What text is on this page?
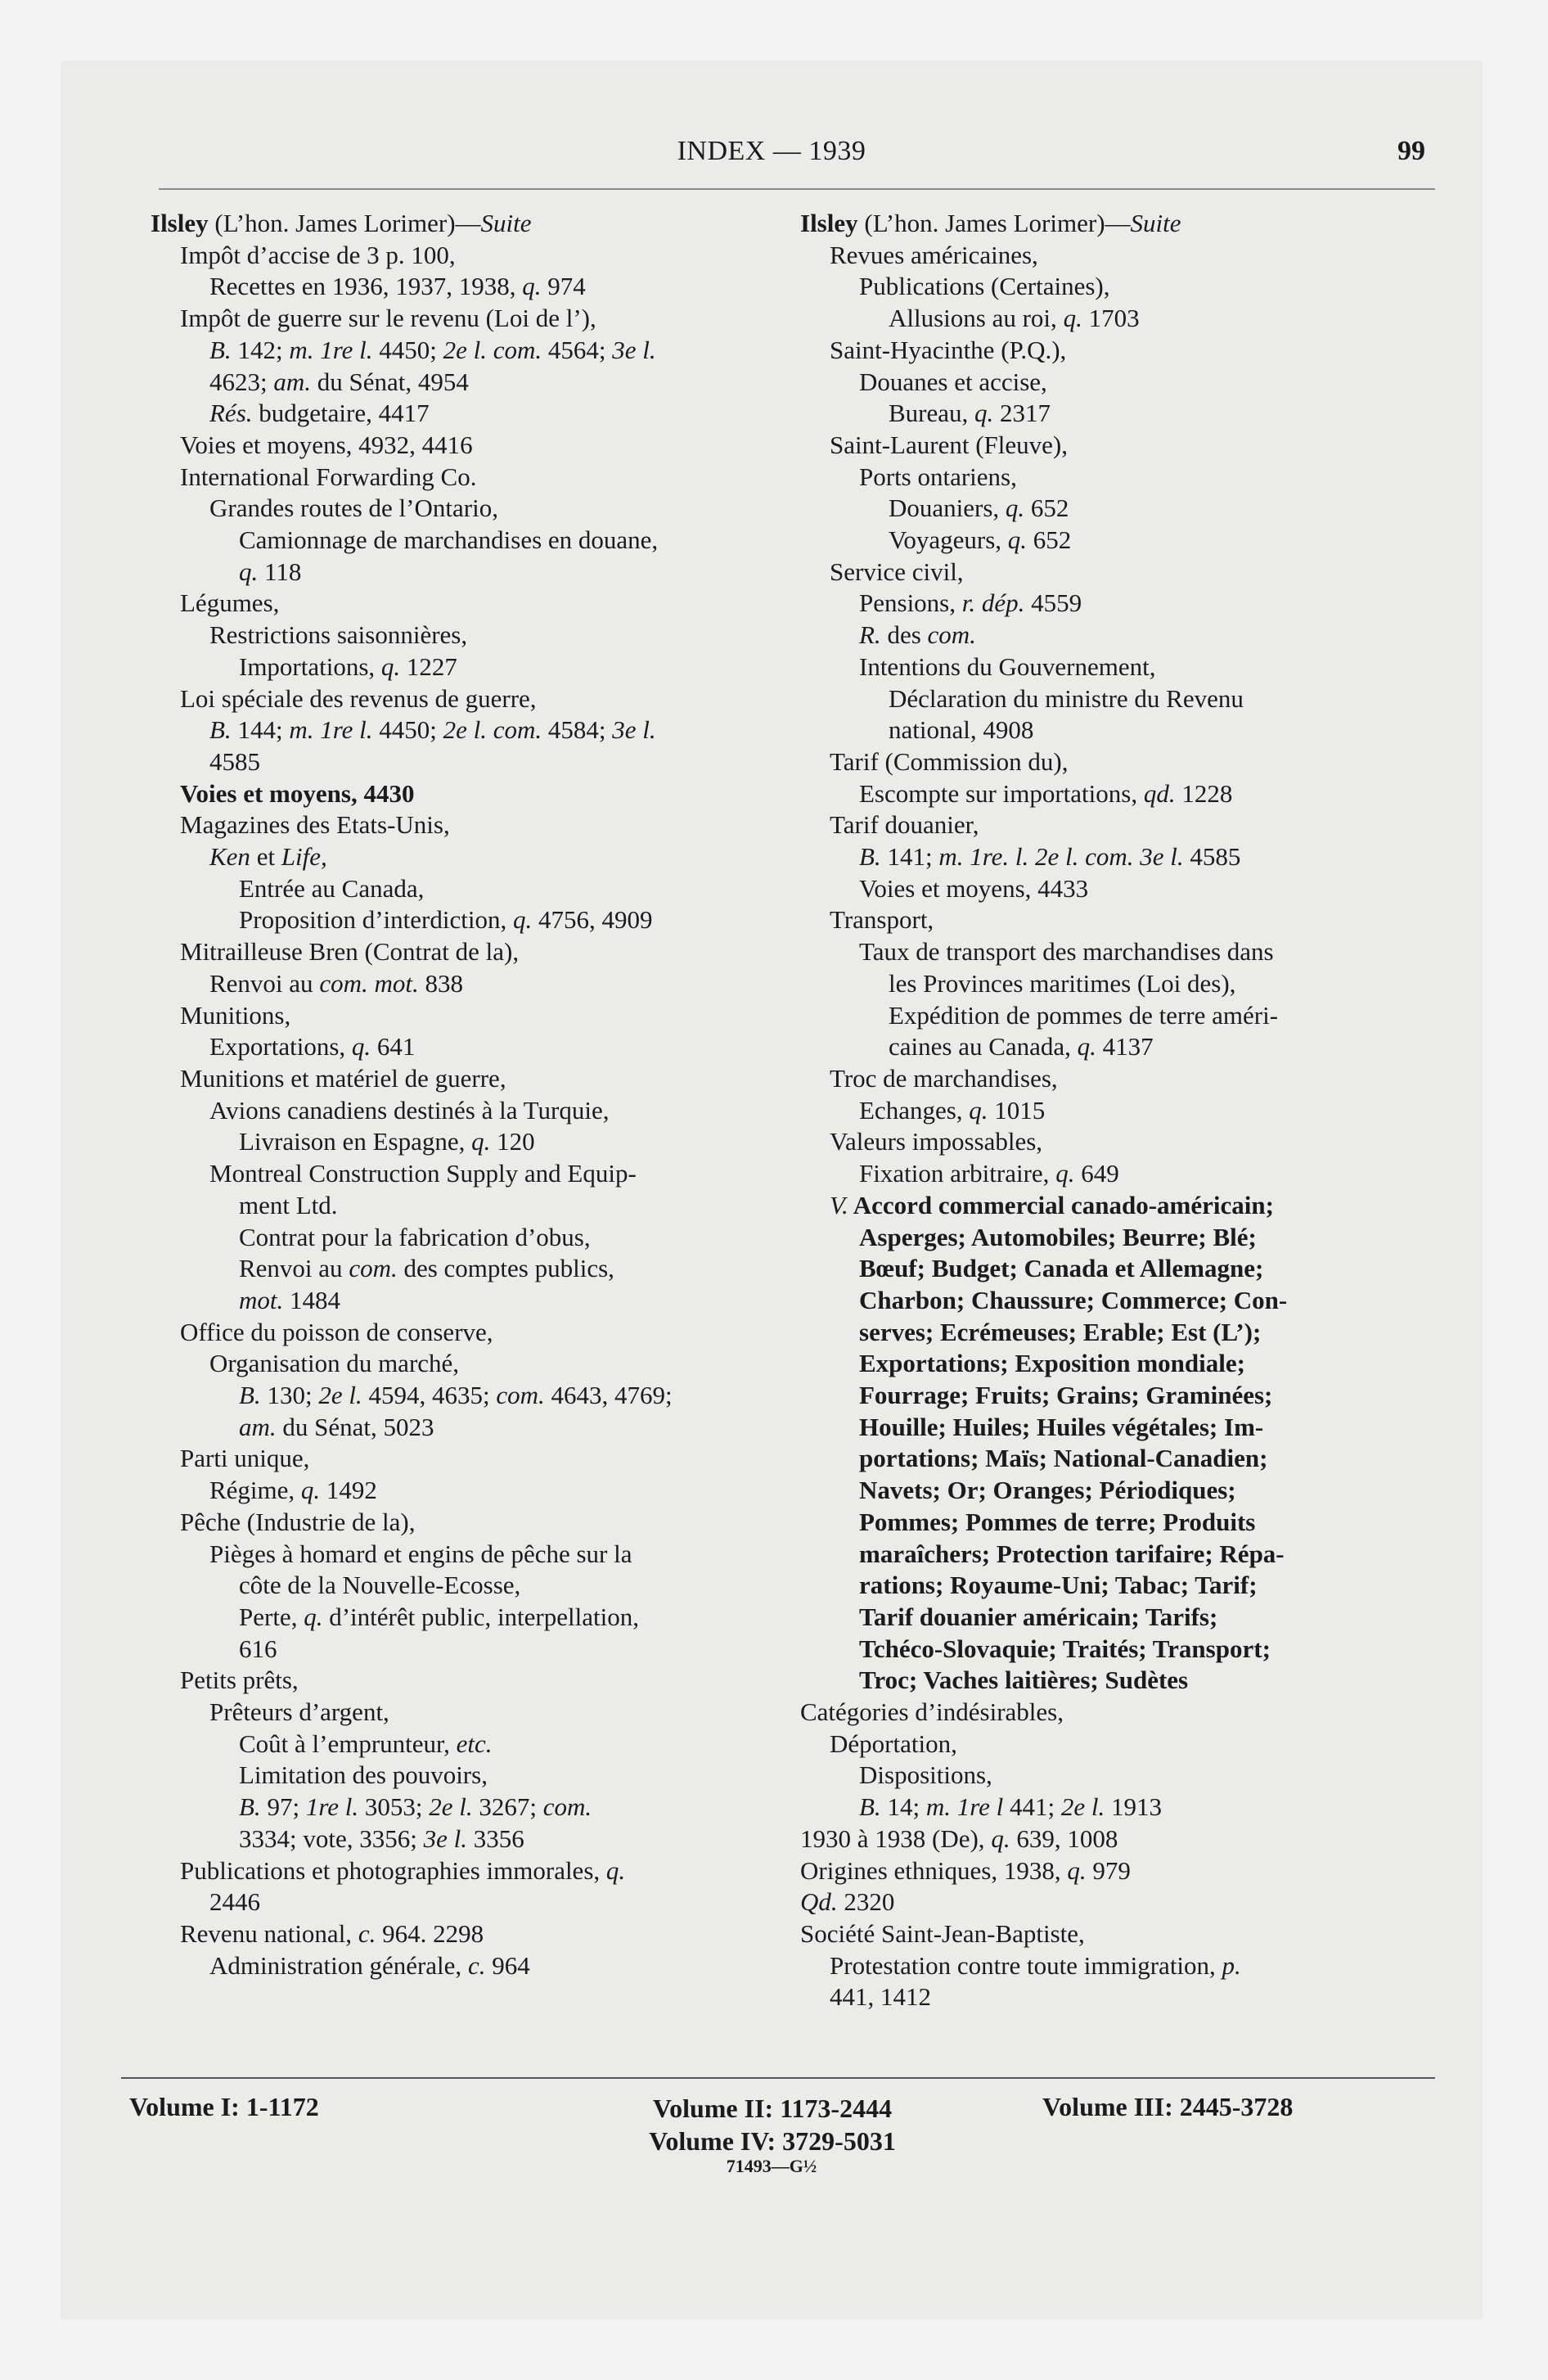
INDEX — 1939	99
Ilsley (L’hon. James Lorimer)—Suite
Impôt d’accise de 3 p. 100,
Recettes en 1936, 1937, 1938, q. 974
Impôt de guerre sur le revenu (Loi de l’),
B. 142; m. 1re l. 4450; 2e l. com. 4564; 3e l.
4623; am. du Sénat, 4954
Rés. budgetaire, 4417
Voies et moyens, 4932, 4416
International Forwarding Co.
Grandes routes de l’Ontario,
Camionnage de marchandises en douane,
q. 118
Légumes,
Restrictions saisonnières,
Importations, q. 1227
Loi spéciale des revenus de guerre,
B. 144; m. 1re l. 4450; 2e l. com. 4584; 3e l.
4585
Voies et moyens, 4430
Magazines des Etats-Unis,
Ken et Life,
Entrée au Canada,
Proposition d’interdiction, q. 4756, 4909
Mitrailleuse Bren (Contrat de la),
Renvoi au com. mot. 838
Munitions,
Exportations, q. 641
Munitions et matériel de guerre,
Avions canadiens destinés à la Turquie,
Livraison en Espagne, q. 120
Montreal Construction Supply and Equip-
ment Ltd.
Contrat pour la fabrication d’obus,
Renvoi au com. des comptes publics,
mot. 1484
Office du poisson de conserve,
Organisation du marché,
B. 130; 2e l. 4594, 4635; com. 4643, 4769;
am. du Sénat, 5023
Parti unique,
Régime, q. 1492
Pêche (Industrie de la),
Pièges à homard et engins de pêche sur la
côte de la Nouvelle-Ecosse,
Perte, q. d’intérêt public, interpellation,
616
Petits prêts,
Prêteurs d’argent,
Coût à l’emprunteur, etc.
Limitation des pouvoirs,
B. 97; 1re l. 3053; 2e l. 3267; com.
3334; vote, 3356; 3e l. 3356
Publications et photographies immorales, q.
2446
Revenu national, c. 964. 2298
Administration générale, c. 964
Ilsley (L’hon. James Lorimer)—Suite
Revues américaines,
Publications (Certaines),
Allusions au roi, q. 1703
Saint-Hyacinthe (P.Q.),
Douanes et accise,
Bureau, q. 2317
Saint-Laurent (Fleuve),
Ports ontariens,
Douaniers, q. 652
Voyageurs, q. 652
Service civil,
Pensions, r. dép. 4559
R. des com.
Intentions du Gouvernement,
Déclaration du ministre du Revenu
national, 4908
Tarif (Commission du),
Escompte sur importations, qd. 1228
Tarif douanier,
B. 141; m. 1re. l. 2e l. com. 3e l. 4585
Voies et moyens, 4433
Transport,
Taux de transport des marchandises dans
les Provinces maritimes (Loi des),
Expédition de pommes de terre améri-
caines au Canada, q. 4137
Troc de marchandises,
Echanges, q. 1015
Valeurs impossables,
Fixation arbitraire, q. 649
V. Accord commercial canado-américain;
Asperges; Automobiles; Beurre; Blé;
Bœuf; Budget; Canada et Allemagne;
Charbon; Chaussure; Commerce; Con-
serves; Ecrémeuses; Erable; Est (L’);
Exportations; Exposition mondiale;
Fourrage; Fruits; Grains; Graminées;
Houille; Huiles; Huiles végétales; Im-
portations; Maïs; National-Canadien;
Navets; Or; Oranges; Périodiques;
Pommes; Pommes de terre; Produits
maraîchers; Protection tarifaire; Répa-
rations; Royaume-Uni; Tabac; Tarif;
Tarif douanier américain; Tarifs;
Tchéco-Slovaquie; Traités; Transport;
Troc; Vaches laitières; Sudètes
Catégories d’indésirables,
Déportation,
Dispositions,
B. 14; m. 1re l 441; 2e l. 1913
1930 à 1938 (De), q. 639, 1008
Origines ethniques, 1938, q. 979
Qd. 2320
Société Saint-Jean-Baptiste,
Protestation contre toute immigration, p.
441, 1412
Volume I: 1-1172	Volume II: 1173-2444
Volume IV: 3729-5031
Volume III: 2445-3728
71493—G½
